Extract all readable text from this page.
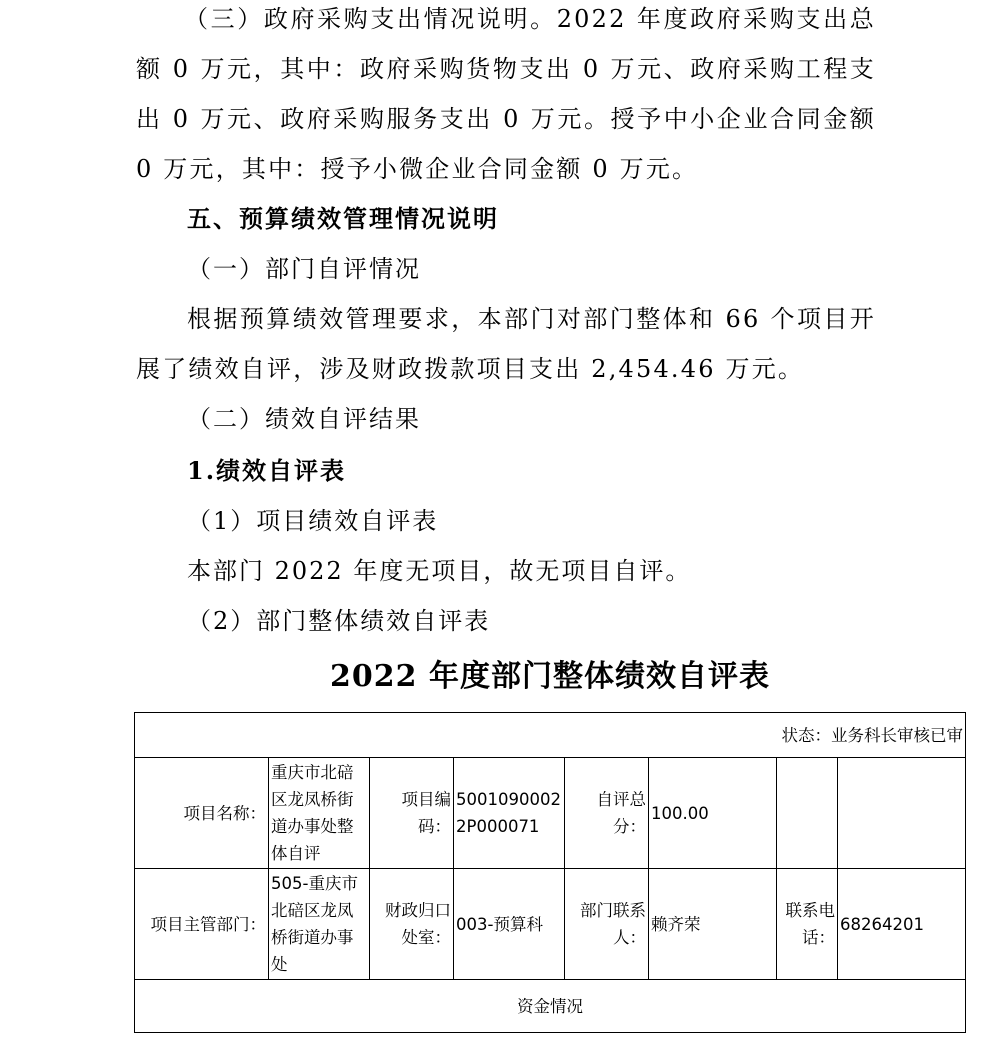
（三）政府采购支出情况说明。2022 年度政府采购支出总额 0 万元，其中：政府采购货物支出 0 万元、政府采购工程支出 0 万元、政府采购服务支出 0 万元。授予中小企业合同金额 0 万元，其中：授予小微企业合同金额 0 万元。
五、预算绩效管理情况说明
（一）部门自评情况
根据预算绩效管理要求，本部门对部门整体和 66 个项目开展了绩效自评，涉及财政拨款项目支出 2,454.46 万元。
（二）绩效自评结果
1.绩效自评表
（1）项目绩效自评表
本部门 2022 年度无项目，故无项目自评。
（2）部门整体绩效自评表
2022 年度部门整体绩效自评表
状态：业务科长审核已审							
项目名称：	重庆市北碚区龙凤桥街道办事处整体自评	项目编码：	50010900022P000071	自评总分：	100.00		
项目主管部门：	505-重庆市北碚区龙凤桥街道办事处	财政归口处室：	003-预算科	部门联系人：	赖齐荣	联系电话：	68264201
资金情况							
